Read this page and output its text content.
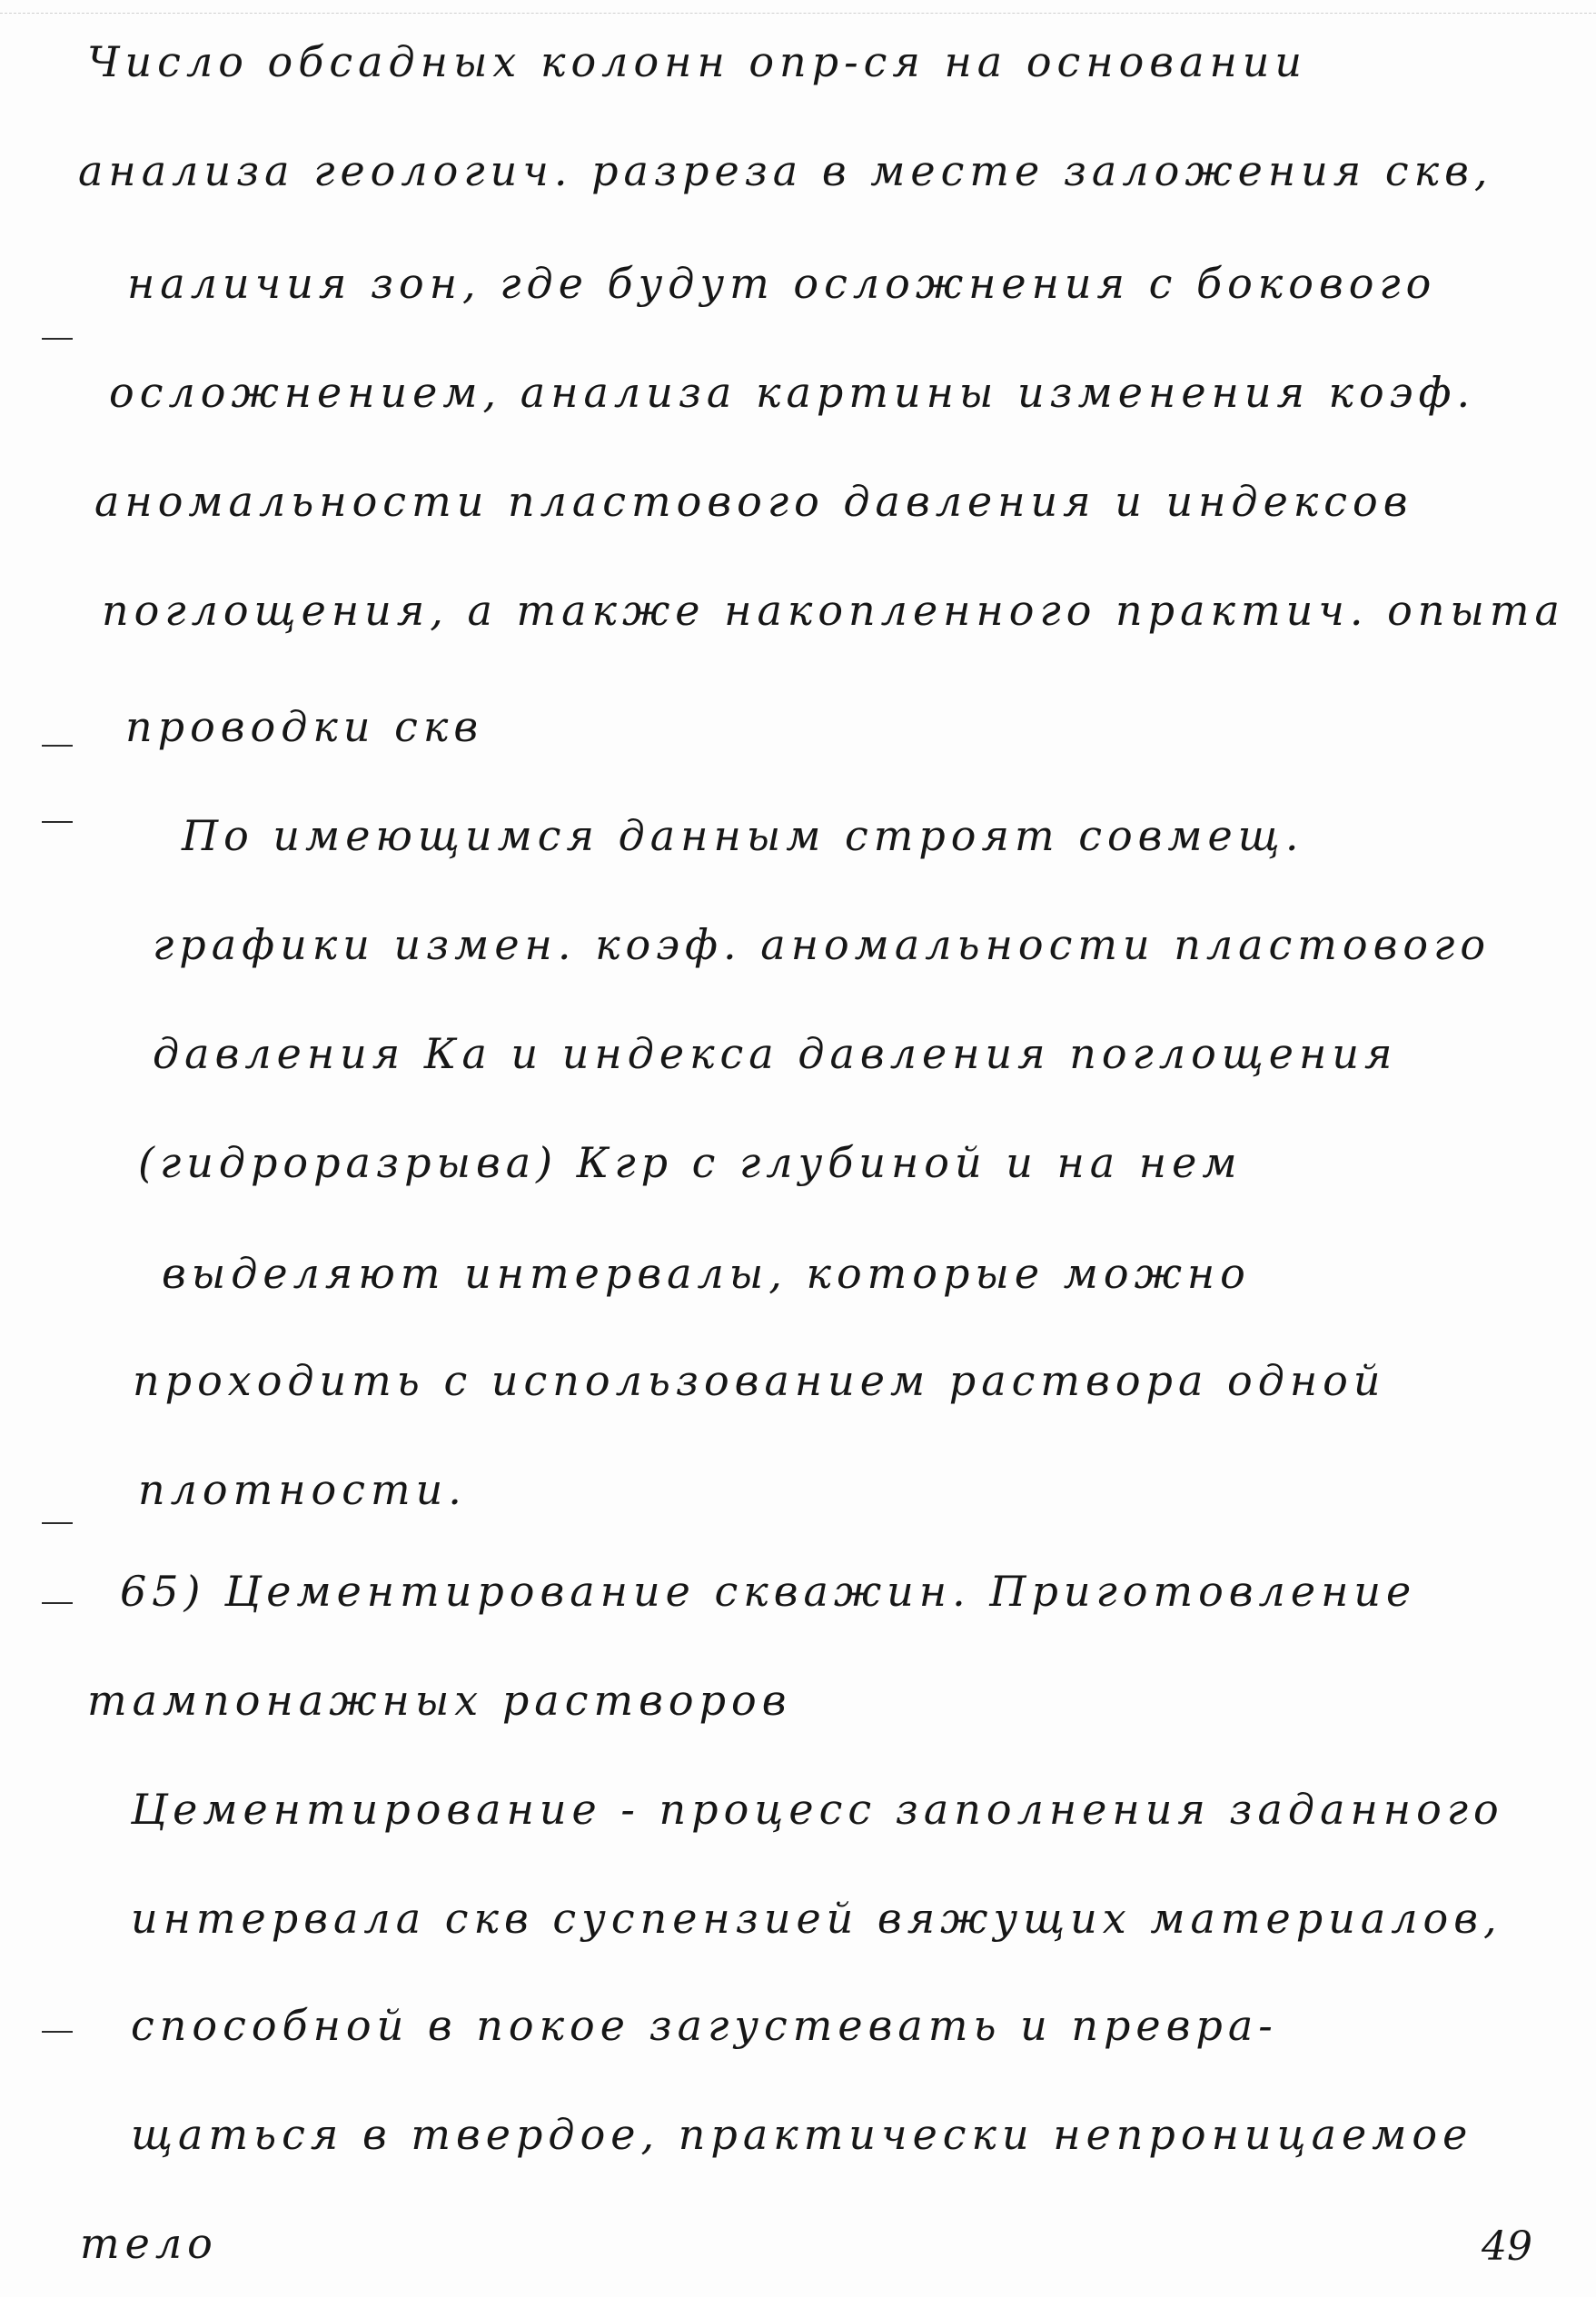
Число обсадных колонн опр-ся на основании
анализа геологич. разреза в месте заложения скв,
наличия зон, где будут осложнения с бокового
осложнением, анализа картины изменения коэф.
аномальности пластового давления и индексов
поглощения, а также накопленного практич. опыта
проводки скв
По имеющимся данным строят совмещ.
графики измен. коэф. аномальности пластового
давления Ка и индекса давления поглощения
(гидроразрыва) Кгр с глубиной и на нем
выделяют интервалы, которые можно
проходить с использованием раствора одной
плотности.
65) Цементирование скважин. Приготовление
тампонажных растворов
Цементирование - процесс заполнения заданного
интервала скв суспензией вяжущих материалов,
способной в покое загустевать и превра-
щаться в твердое, практически непроницаемое
тело	49
